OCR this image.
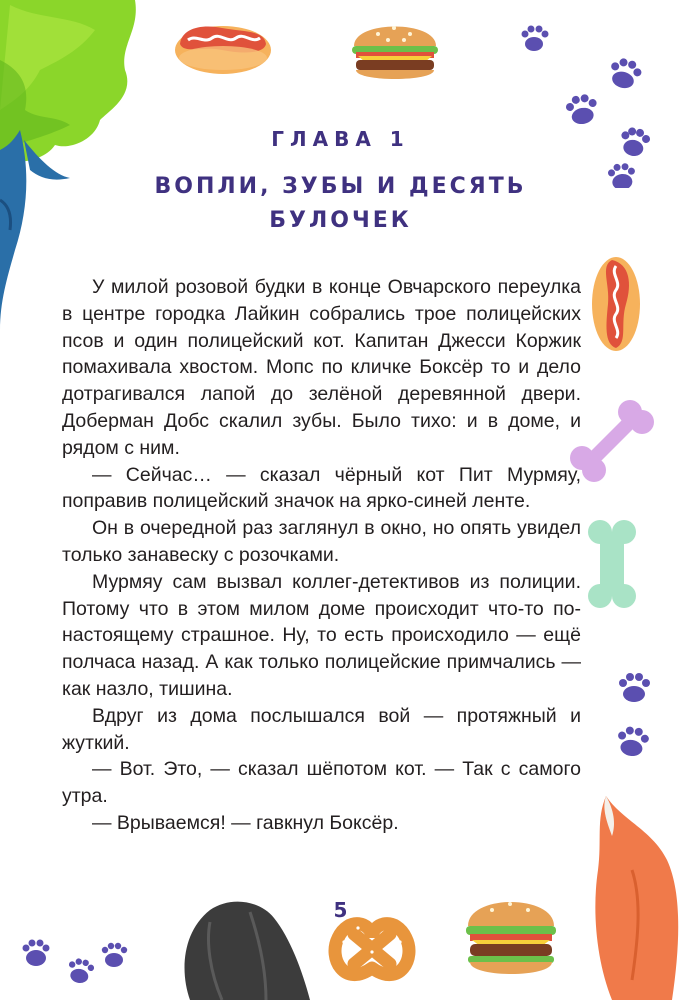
ГЛАВА 1
ВОПЛИ, ЗУБЫ И ДЕСЯТЬ БУЛОЧЕК

У милой розовой будки в конце Овчарского переулка в центре городка Лайкин собрались трое полицейских псов и один полицейский кот. Капитан Джесси Коржик помахивала хвостом. Мопс по кличке Боксёр то и дело дотрагивался лапой до зелёной деревянной двери. Доберман Добс скалил зубы. Было тихо: и в доме, и рядом с ним.

— Сейчас… — сказал чёрный кот Пит Мурмяу, поправив полицейский значок на ярко-синей ленте.

Он в очередной раз заглянул в окно, но опять увидел только занавеску с розочками.

Мурмяу сам вызвал коллег-детективов из полиции. Потому что в этом милом доме происходит что-то по-настоящему страшное. Ну, то есть происходило — ещё полчаса назад. А как только полицейские примчались — как назло, тишина.

Вдруг из дома послышался вой — протяжный и жуткий.

— Вот. Это, — сказал шёпотом кот. — Так с самого утра.

— Врываемся! — гавкнул Боксёр.

5
